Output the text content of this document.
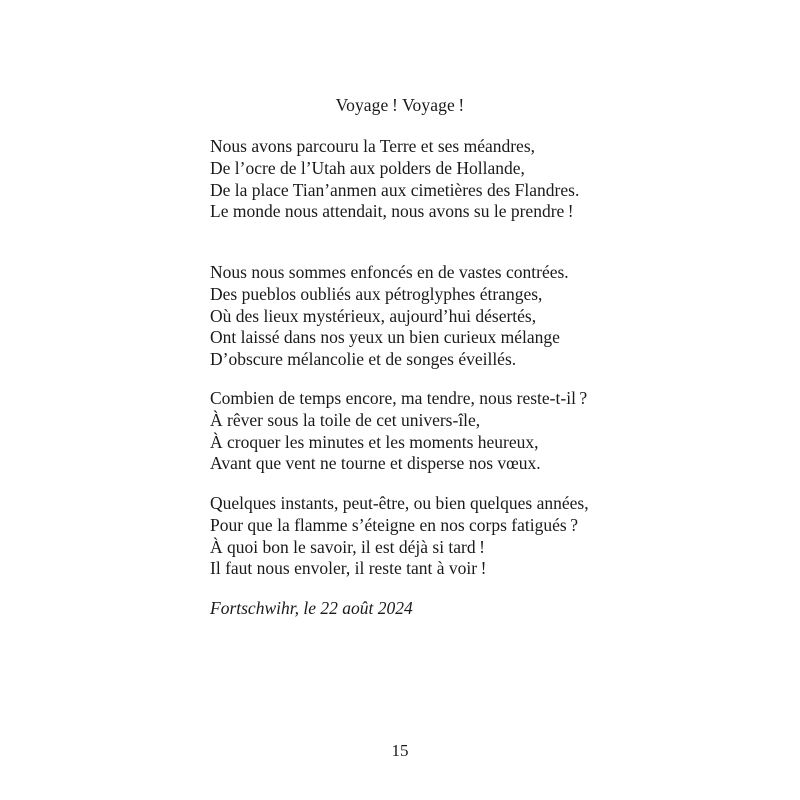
Voyage ! Voyage !
Nous avons parcouru la Terre et ses méandres,
De l’ocre de l’Utah aux polders de Hollande,
De la place Tian’anmen aux cimetières des Flandres.
Le monde nous attendait, nous avons su le prendre !
Nous nous sommes enfoncés en de vastes contrées.
Des pueblos oubliés aux pétroglyphes étranges,
Où des lieux mystérieux, aujourd’hui désertés,
Ont laissé dans nos yeux un bien curieux mélange
D’obscure mélancolie et de songes éveillés.
Combien de temps encore, ma tendre, nous reste-t-il ?
À rêver sous la toile de cet univers-île,
À croquer les minutes et les moments heureux,
Avant que vent ne tourne et disperse nos vœux.
Quelques instants, peut-être, ou bien quelques années,
Pour que la flamme s’éteigne en nos corps fatigués ?
À quoi bon le savoir, il est déjà si tard !
Il faut nous envoler, il reste tant à voir !
Fortschwihr, le 22 août 2024
15
